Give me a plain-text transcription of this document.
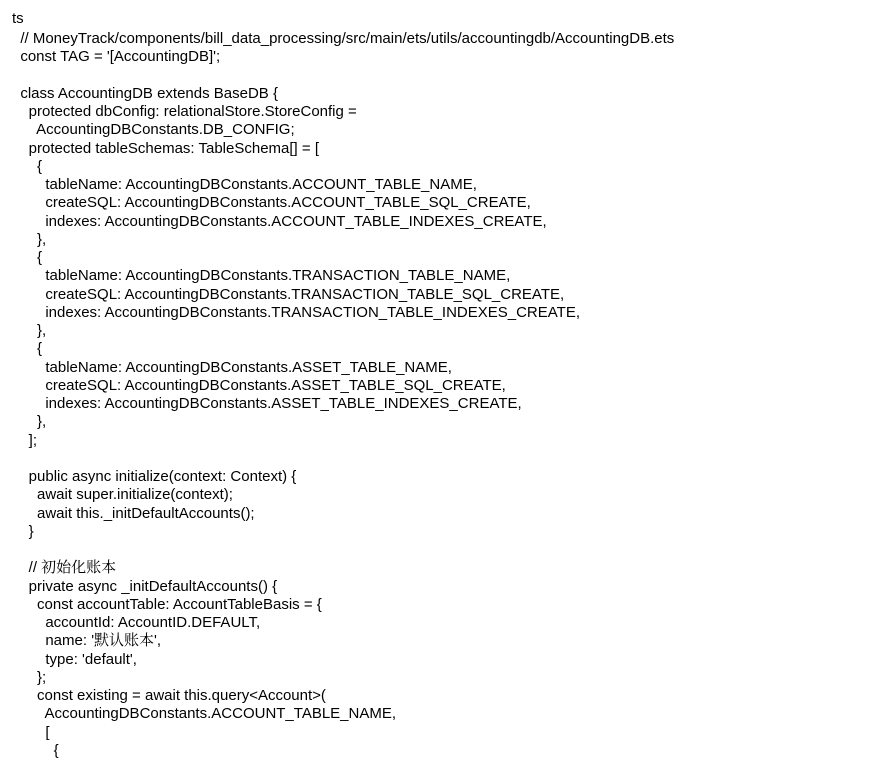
ts

// MoneyTrack/components/bill_data_processing/src/main/ets/utils/accountingdb/AccountingDB.ets
const TAG = '[AccountingDB]';
class AccountingDB extends BaseDB {
protected dbConfig: relationalStore.StoreConfig =
AccountingDBConstants.DB_CONFIG;
protected tableSchemas: TableSchema[] = [
{
tableName: AccountingDBConstants.ACCOUNT_TABLE_NAME,
createSQL: AccountingDBConstants.ACCOUNT_TABLE_SQL_CREATE,
indexes: AccountingDBConstants.ACCOUNT_TABLE_INDEXES_CREATE,
},
{
tableName: AccountingDBConstants.TRANSACTION_TABLE_NAME,
createSQL: AccountingDBConstants.TRANSACTION_TABLE_SQL_CREATE,
indexes: AccountingDBConstants.TRANSACTION_TABLE_INDEXES_CREATE,
},
{
tableName: AccountingDBConstants.ASSET_TABLE_NAME,
createSQL: AccountingDBConstants.ASSET_TABLE_SQL_CREATE,
indexes: AccountingDBConstants.ASSET_TABLE_INDEXES_CREATE,
},
];
public async initialize(context: Context) {
await super.initialize(context);
await this._initDefaultAccounts();
}
// 初始化账本
private async _initDefaultAccounts() {
const accountTable: AccountTableBasis = {
accountId: AccountID.DEFAULT,
name: '默认账本',
type: 'default',
};
const existing = await this.query<Account>(
AccountingDBConstants.ACCOUNT_TABLE_NAME,
[
{
